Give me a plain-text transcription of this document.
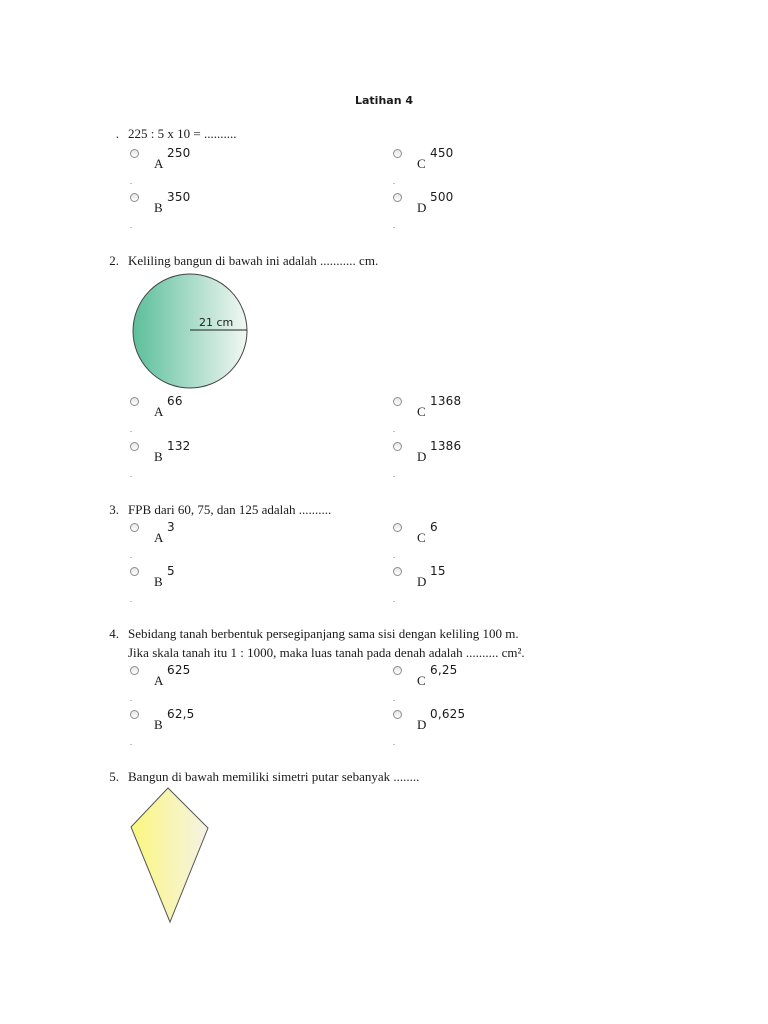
Latihan 4
. 225 : 5 x 10 = ..........
A
250
.
C
450
.
B
350
.
D
500
.
2. Keliling bangun di bawah ini adalah ........... cm.
21 cm
A
66
.
C
1368
.
B
132
.
D
1386
.
3. FPB dari 60, 75, dan 125 adalah ..........
A
3
.
C
6
.
B
5
.
D
15
.
4. Sebidang tanah berbentuk persegipanjang sama sisi dengan keliling 100 m.
Jika skala tanah itu 1 : 1000, maka luas tanah pada denah adalah .......... cm².
A
625
.
C
6,25
.
B
62,5
.
D
0,625
.
5. Bangun di bawah memiliki simetri putar sebanyak ........
